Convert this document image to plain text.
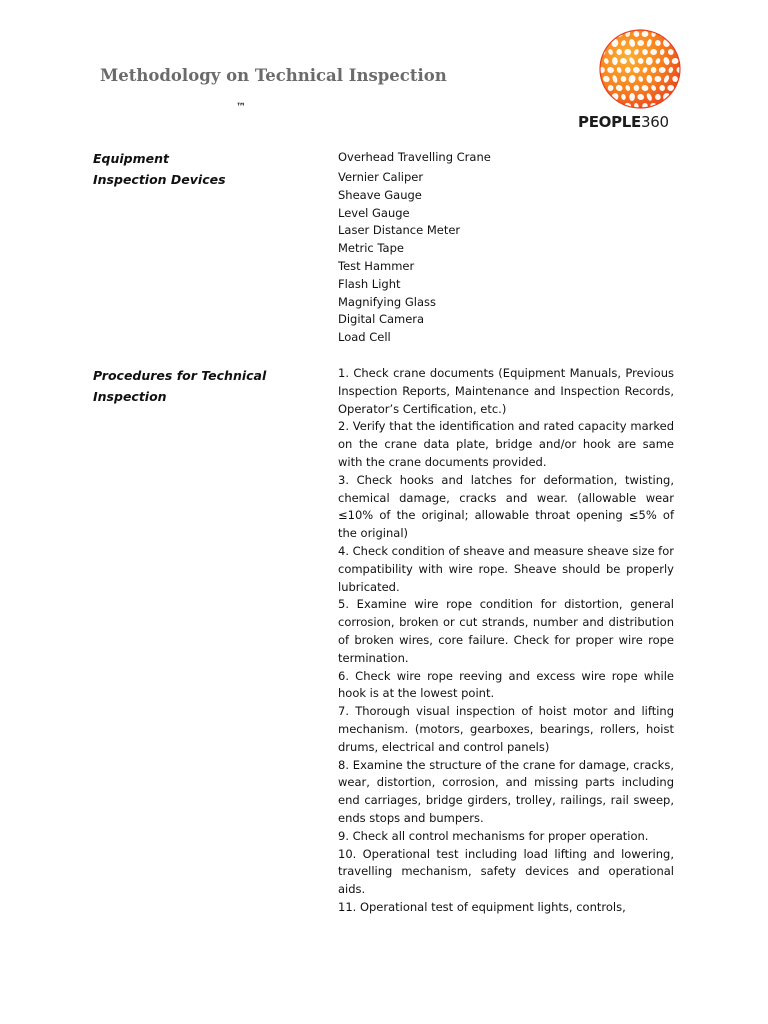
Methodology on Technical Inspection
™
PEOPLE360
Equipment	Overhead Travelling Crane
Inspection Devices	Vernier Caliper
Sheave Gauge
Level Gauge
Laser Distance Meter
Metric Tape
Test Hammer
Flash Light
Magnifying Glass
Digital Camera
Load Cell
Procedures for Technical
Inspection
1. Check crane documents (Equipment Manuals, Previous Inspection Reports, Maintenance and Inspection Records, Operator’s Certification, etc.)
2. Verify that the identification and rated capacity marked on the crane data plate, bridge and/or hook are same with the crane documents provided.
3. Check hooks and latches for deformation, twisting, chemical damage, cracks and wear. (allowable wear ≤10% of the original; allowable throat opening ≤5% of the original)
4. Check condition of sheave and measure sheave size for compatibility with wire rope. Sheave should be properly lubricated.
5. Examine wire rope condition for distortion, general corrosion, broken or cut strands, number and distribution of broken wires, core failure. Check for proper wire rope termination.
6. Check wire rope reeving and excess wire rope while hook is at the lowest point.
7. Thorough visual inspection of hoist motor and lifting mechanism. (motors, gearboxes, bearings, rollers, hoist drums, electrical and control panels)
8. Examine the structure of the crane for damage, cracks, wear, distortion, corrosion, and missing parts including end carriages, bridge girders, trolley, railings, rail sweep, ends stops and bumpers.
9. Check all control mechanisms for proper operation.
10. Operational test including load lifting and lowering, travelling mechanism, safety devices and operational aids.
11. Operational test of equipment lights, controls,
